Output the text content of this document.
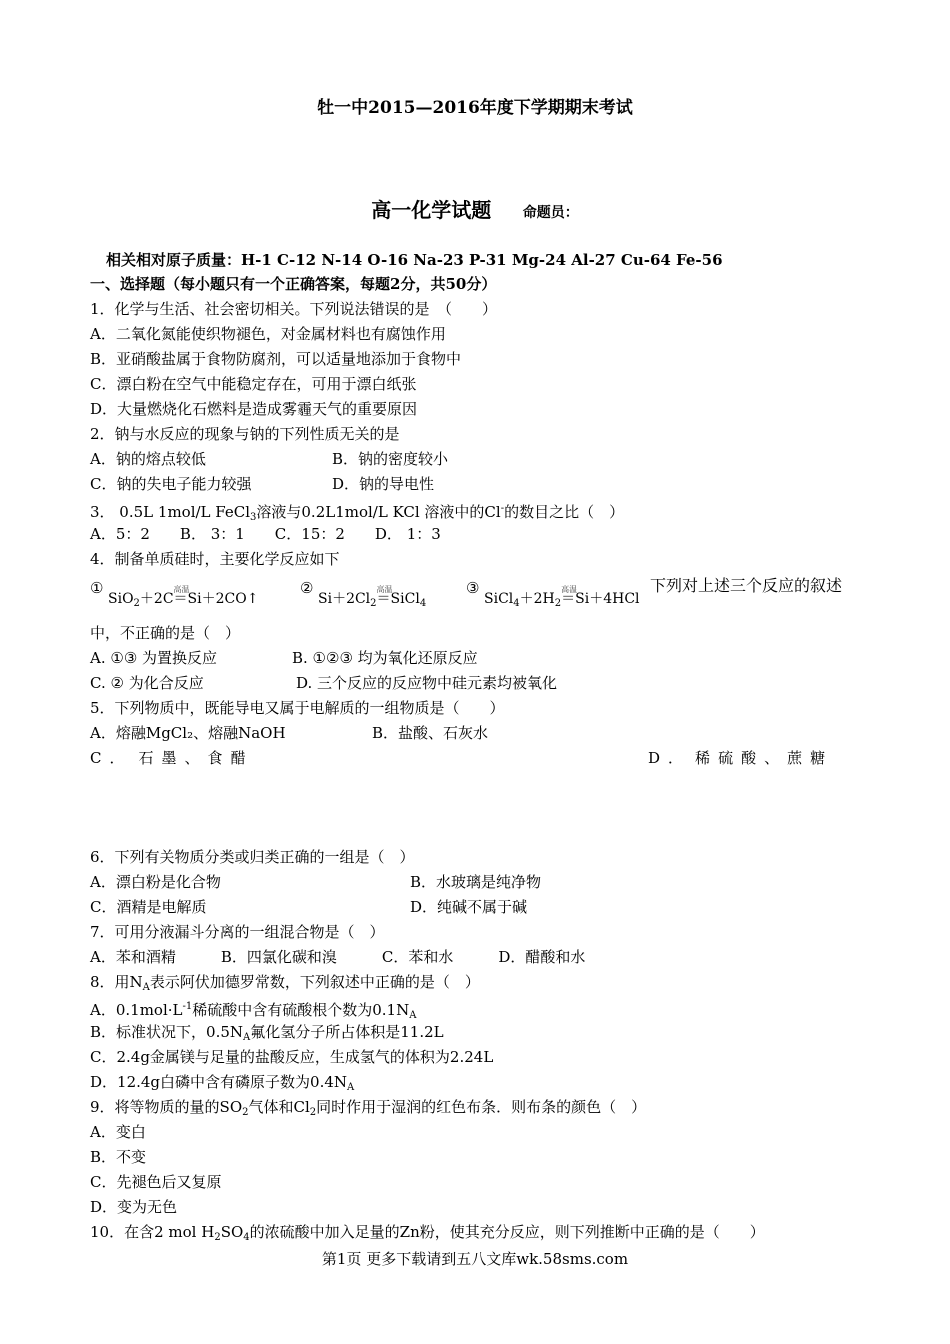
牡一中2015—2016年度下学期期末考试
高一化学试题 命题员：
相关相对原子质量：H-1 C-12 N-14 O-16 Na-23 P-31 Mg-24 Al-27 Cu-64 Fe-56
一、选择题（每小题只有一个正确答案，每题2分，共50分）
1．化学与生活、社会密切相关。下列说法错误的是　（　　）
A．二氧化氮能使织物褪色，对金属材料也有腐蚀作用
B．亚硝酸盐属于食物防腐剂，可以适量地添加于食物中
C．漂白粉在空气中能稳定存在，可用于漂白纸张
D．大量燃烧化石燃料是造成雾霾天气的重要原因
2．钠与水反应的现象与钠的下列性质无关的是
A．钠的熔点较低	B．钠的密度较小
C．钠的失电子能力较强	D．钠的导电性
3． 0.5L 1mol/L FeCl$_3$溶液与0.2L1mol/L KCl 溶液中的Cl-的数目之比（　）
A．5：2　　B． 3：1　　C．15：2　　D． 1：3
4．制备单质硅时，主要化学反应如下
①
SiO$_2$＋2C
高温
＝Si＋2CO↑
②
$Si+2Cl_2$
高温
＝SiCl$_4$
③
$SiCl_4+2H_2$
高温
＝Si＋4HCl
下列对上述三个反应的叙述
中，不正确的是（　）
A. ①③ 为置换反应	B. ①②③ 均为氧化还原反应
C. ② 为化合反应	D. 三个反应的反应物中硅元素均被氧化
5．下列物质中，既能导电又属于电解质的一组物质是（　　）
A．熔融MgCl₂、熔融NaOH	B．盐酸、石灰水
C ． 石 墨 、 食 醋	D ． 稀 硫 酸 、 蔗 糖
6．下列有关物质分类或归类正确的一组是（　）
A．漂白粉是化合物	B．水玻璃是纯净物
C．酒精是电解质	D．纯碱不属于碱
7．可用分液漏斗分离的一组混合物是（　）
A．苯和酒精　　　B．四氯化碳和溴　　　C．苯和水　　　D．醋酸和水
8．用$N_A$表示阿伏加德罗常数，下列叙述中正确的是（　）
A．$0.1mol\cdot L^{-1}$稀硫酸中含有硫酸根个数为$0.1N_A$
B．标准状况下，$0.5N_A$氟化氢分子所占体积是11.2L
C．2.4g金属镁与足量的盐酸反应，生成氢气的体积为2.24L
D．12.4g白磷中含有磷原子数为$0.4N_A$
9．将等物质的量的$SO_2$气体和$Cl_2$同时作用于湿润的红色布条．则布条的颜色（　）
A．变白
B．不变
C．先褪色后又复原
D．变为无色
10．在含2 mol $H_2SO_4$的浓硫酸中加入足量的Zn粉，使其充分反应，则下列推断中正确的是（　　）
第1页 更多下载请到五八文库wk.58sms.com
